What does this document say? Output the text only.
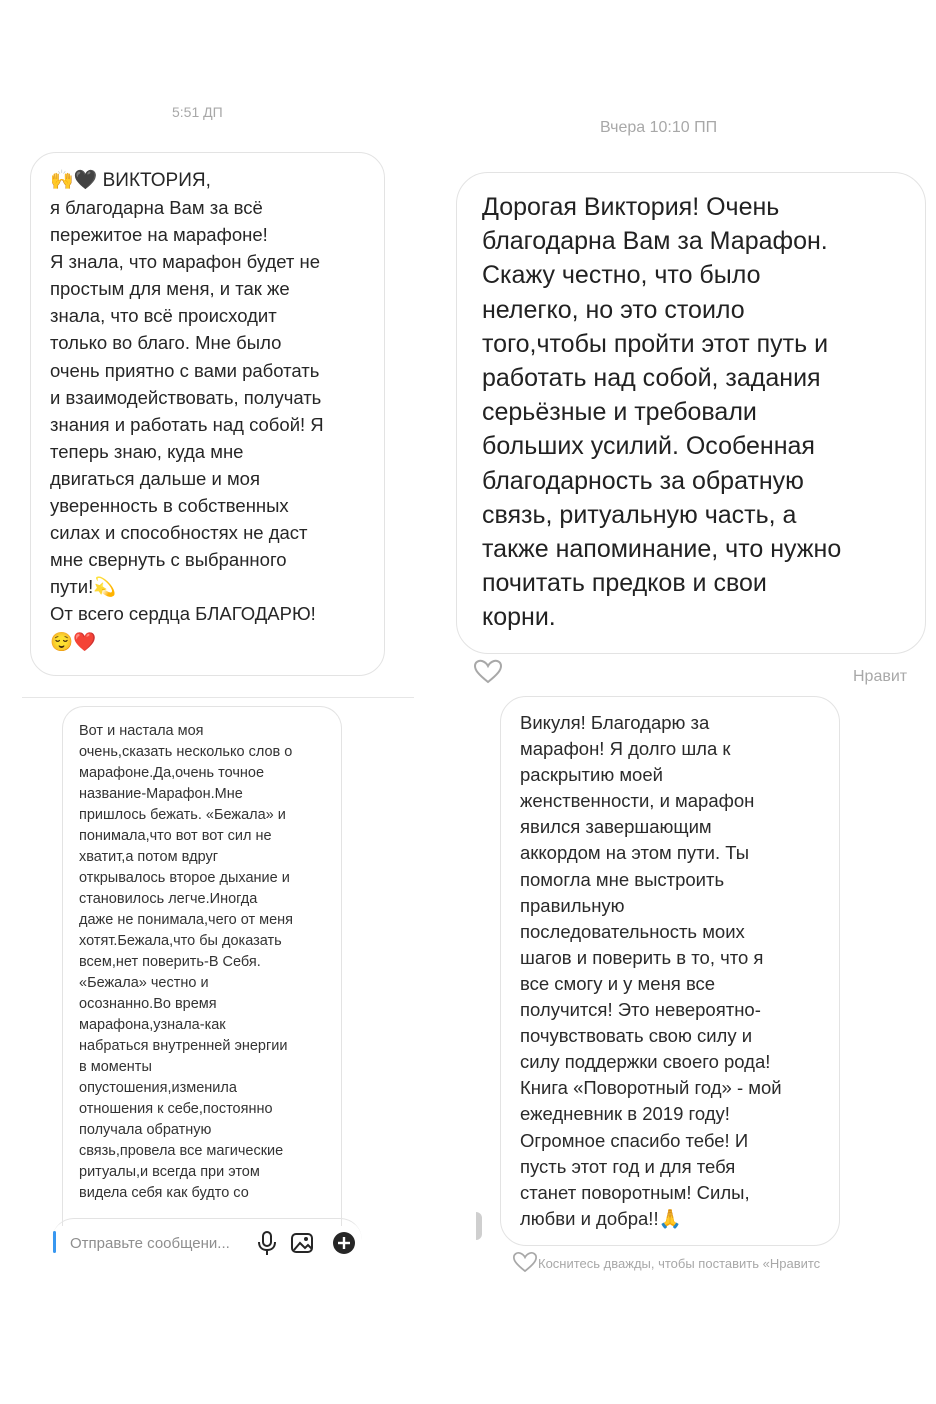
5:51 ДП
🙌🖤 ВИКТОРИЯ,
я благодарна Вам за всё
пережитое на марафоне!
Я знала, что марафон будет не
простым для меня, и так же
знала, что всё происходит
только во благо. Мне было
очень приятно с вами работать
и взаимодействовать, получать
знания и работать над собой! Я
теперь знаю, куда мне
двигаться дальше и моя
уверенность в собственных
силах и способностях не даст
мне свернуть с выбранного
пути!💫
От всего сердца БЛАГОДАРЮ!
😌❤️
Вчера 10:10 ПП
Дорогая Виктория! Очень
благодарна Вам за Марафон.
Скажу честно, что было
нелегко, но это стоило
того,чтобы пройти этот путь и
работать над собой, задания
серьёзные и требовали
больших усилий. Особенная
благодарность за обратную
связь, ритуальную часть, а
также напоминание, что нужно
почитать предков и свои
корни.
Нравит
Вот и настала моя
очень,сказать несколько слов о
марафоне.Да,очень точное
название-Марафон.Мне
пришлось бежать. «Бежала» и
понимала,что вот вот сил не
хватит,а потом вдруг
открывалось второе дыхание и
становилось легче.Иногда
даже не понимала,чего от меня
хотят.Бежала,что бы доказать
всем,нет поверить-В Себя.
«Бежала» честно и
осознанно.Во время
марафона,узнала-как
набраться внутренней энергии
в моменты
опустошения,изменила
отношения к себе,постоянно
получала обратную
связь,провела все магические
ритуалы,и всегда при этом
видела себя как будто со
Отправьте сообщени...
Викуля! Благодарю за
марафон! Я долго шла к
раскрытию моей
женственности, и марафон
явился завершающим
аккордом на этом пути. Ты
помогла мне выстроить
правильную
последовательность моих
шагов и поверить в то, что я
все смогу и у меня все
получится! Это невероятно-
почувствовать свою силу и
силу поддержки своего рода!
Книга «Поворотный год» - мой
ежедневник в 2019 году!
Огромное спасибо тебе! И
пусть этот год и для тебя
станет поворотным! Силы,
любви и добра!!🙏
Коснитесь дважды, чтобы поставить «Нравитс
